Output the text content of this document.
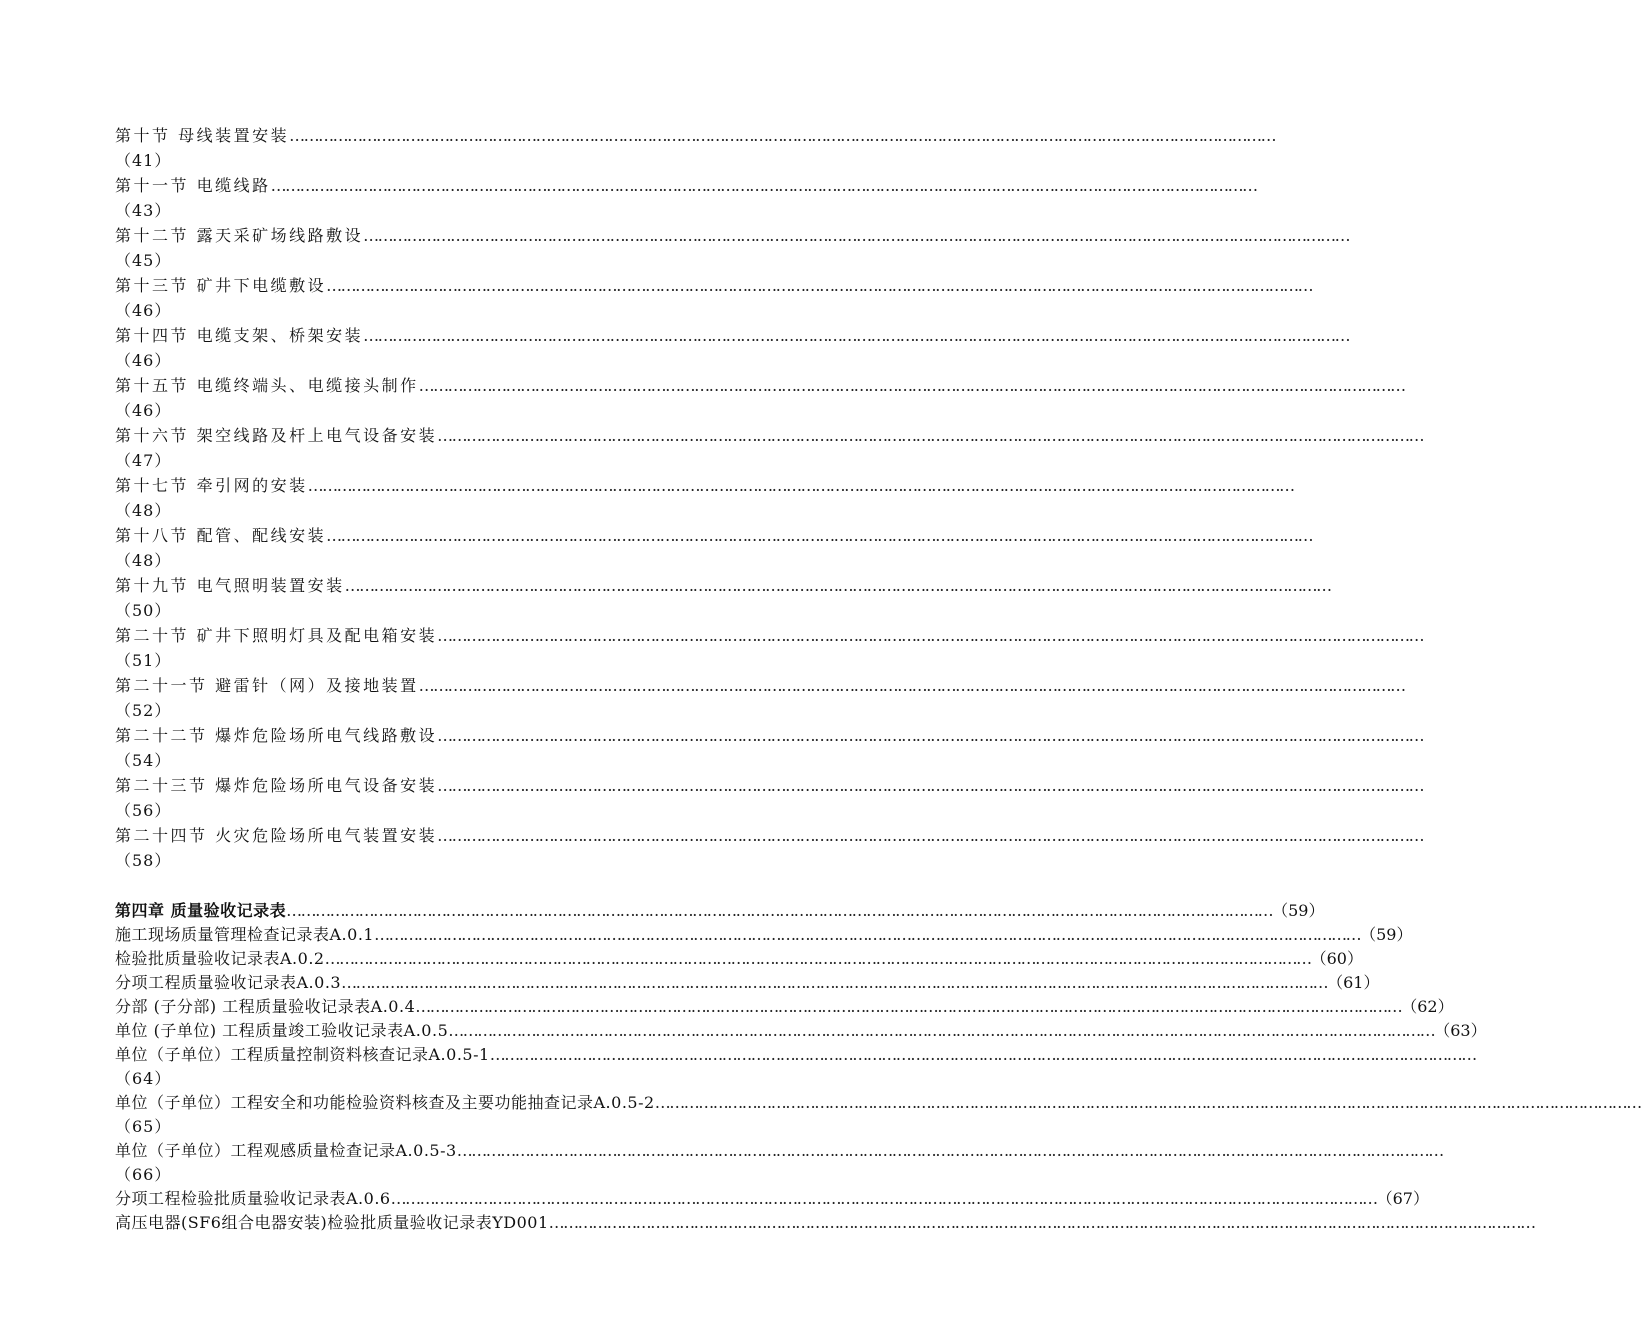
第十节 母线装置安装 ……………………………………………………………………………………………………………………………………………………………………………………
（41）
第十一节 电缆线路 ……………………………………………………………………………………………………………………………………………………………………………………
（43）
第十二节 露天采矿场线路敷设 ……………………………………………………………………………………………………………………………………………………………………………………
（45）
第十三节 矿井下电缆敷设 ……………………………………………………………………………………………………………………………………………………………………………………
（46）
第十四节 电缆支架、桥架安装 ……………………………………………………………………………………………………………………………………………………………………………………
（46）
第十五节 电缆终端头、电缆接头制作 ……………………………………………………………………………………………………………………………………………………………………………………
（46）
第十六节 架空线路及杆上电气设备安装 ……………………………………………………………………………………………………………………………………………………………………………………
（47）
第十七节 牵引网的安装 ……………………………………………………………………………………………………………………………………………………………………………………
（48）
第十八节 配管、配线安装 ……………………………………………………………………………………………………………………………………………………………………………………
（48）
第十九节 电气照明装置安装 ……………………………………………………………………………………………………………………………………………………………………………………
（50）
第二十节 矿井下照明灯具及配电箱安装 ……………………………………………………………………………………………………………………………………………………………………………………
（51）
第二十一节 避雷针（网）及接地装置 ……………………………………………………………………………………………………………………………………………………………………………………
（52）
第二十二节 爆炸危险场所电气线路敷设 ……………………………………………………………………………………………………………………………………………………………………………………
（54）
第二十三节 爆炸危险场所电气设备安装 ……………………………………………………………………………………………………………………………………………………………………………………
（56）
第二十四节 火灾危险场所电气装置安装 ……………………………………………………………………………………………………………………………………………………………………………………
（58）
第四章 质量验收记录表 …………………………………………………………………………………………………………………………………………………………………………………… （59）
施工现场质量管理检查记录表A.0.1 …………………………………………………………………………………………………………………………………………………………………………………… （59）
检验批质量验收记录表A.0.2 …………………………………………………………………………………………………………………………………………………………………………………… （60）
分项工程质量验收记录表A.0.3 …………………………………………………………………………………………………………………………………………………………………………………… （61）
分部 (子分部) 工程质量验收记录表A.0.4 …………………………………………………………………………………………………………………………………………………………………………………… （62）
单位 (子单位) 工程质量竣工验收记录表A.0.5 …………………………………………………………………………………………………………………………………………………………………………………… （63）
单位（子单位）工程质量控制资料核查记录A.0.5-1 ……………………………………………………………………………………………………………………………………………………………………………………
（64）
单位（子单位）工程安全和功能检验资料核查及主要功能抽查记录A.0.5-2 ……………………………………………………………………………………………………………………………………………………………………………………
（65）
单位（子单位）工程观感质量检查记录A.0.5-3 ……………………………………………………………………………………………………………………………………………………………………………………
（66）
分项工程检验批质量验收记录表A.0.6 …………………………………………………………………………………………………………………………………………………………………………………… （67）
高压电器(SF6组合电器安装)检验批质量验收记录表YD001 ……………………………………………………………………………………………………………………………………………………………………………………
